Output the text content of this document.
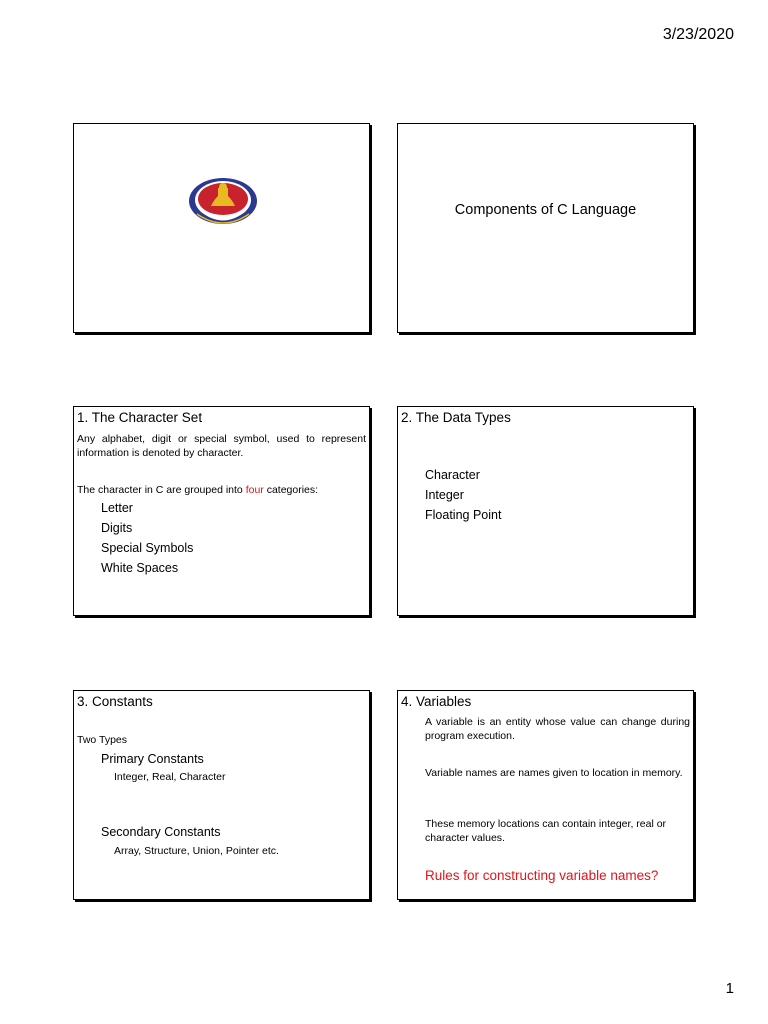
3/23/2020
Components of C Language
1. The Character Set
Any alphabet, digit or special symbol, used to represent information is denoted by character.
The character in C are grouped into four categories:
Letter
Digits
Special Symbols
White Spaces
2. The Data Types
Character
Integer
Floating Point
3. Constants
Two Types
Primary Constants
Integer, Real, Character
Secondary Constants
Array, Structure, Union, Pointer etc.
4. Variables
A variable is an entity whose value can change during program execution.
Variable names are names given to location in memory.
These memory locations can contain integer, real or character values.
Rules for constructing variable names?
1
